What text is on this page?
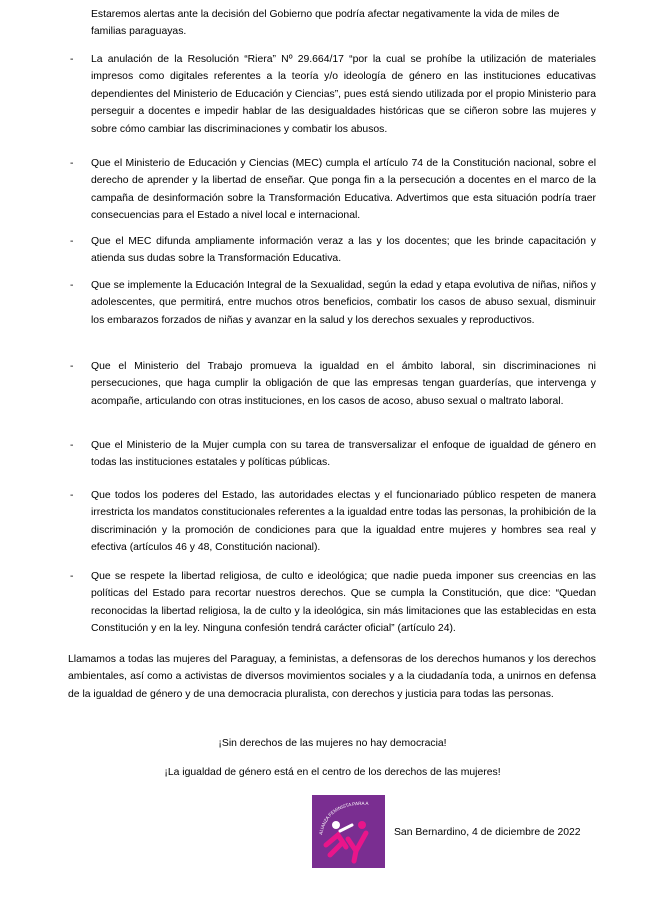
Estaremos alertas ante la decisión del Gobierno que podría afectar negativamente la vida de miles de familias paraguayas.

- La anulación de la Resolución “Riera” Nº 29.664/17 “por la cual se prohíbe la utilización de materiales impresos como digitales referentes a la teoría y/o ideología de género en las instituciones educativas dependientes del Ministerio de Educación y Ciencias”, pues está siendo utilizada por el propio Ministerio para perseguir a docentes e impedir hablar de las desigualdades históricas que se ciñeron sobre las mujeres y sobre cómo cambiar las discriminaciones y combatir los abusos.

- Que el Ministerio de Educación y Ciencias (MEC) cumpla el artículo 74 de la Constitución nacional, sobre el derecho de aprender y la libertad de enseñar. Que ponga fin a la persecución a docentes en el marco de la campaña de desinformación sobre la Transformación Educativa. Advertimos que esta situación podría traer consecuencias para el Estado a nivel local e internacional.

- Que el MEC difunda ampliamente información veraz a las y los docentes; que les brinde capacitación y atienda sus dudas sobre la Transformación Educativa.

- Que se implemente la Educación Integral de la Sexualidad, según la edad y etapa evolutiva de niñas, niños y adolescentes, que permitirá, entre muchos otros beneficios, combatir los casos de abuso sexual, disminuir los embarazos forzados de niñas y avanzar en la salud y los derechos sexuales y reproductivos.

- Que el Ministerio del Trabajo promueva la igualdad en el ámbito laboral, sin discriminaciones ni persecuciones, que haga cumplir la obligación de que las empresas tengan guarderías, que intervenga y acompañe, articulando con otras instituciones, en los casos de acoso, abuso sexual o maltrato laboral.

- Que el Ministerio de la Mujer cumpla con su tarea de transversalizar el enfoque de igualdad de género en todas las instituciones estatales y políticas públicas.

- Que todos los poderes del Estado, las autoridades electas y el funcionariado público respeten de manera irrestricta los mandatos constitucionales referentes a la igualdad entre todas las personas, la prohibición de la discriminación y la promoción de condiciones para que la igualdad entre mujeres y hombres sea real y efectiva (artículos 46 y 48, Constitución nacional).

- Que se respete la libertad religiosa, de culto e ideológica; que nadie pueda imponer sus creencias en las políticas del Estado para recortar nuestros derechos. Que se cumpla la Constitución, que dice: “Quedan reconocidas la libertad religiosa, la de culto y la ideológica, sin más limitaciones que las establecidas en esta Constitución y en la ley. Ninguna confesión tendrá carácter oficial” (artículo 24).

Llamamos a todas las mujeres del Paraguay, a feministas, a defensoras de los derechos humanos y los derechos ambientales, así como a activistas de diversos movimientos sociales y a la ciudadanía toda, a unirnos en defensa de la igualdad de género y de una democracia pluralista, con derechos y justicia para todas las personas.

¡Sin derechos de las mujeres no hay democracia!

¡La igualdad de género está en el centro de los derechos de las mujeres!

ALIANZA FEMINISTA PARA A
San Bernardino, 4 de diciembre de 2022
